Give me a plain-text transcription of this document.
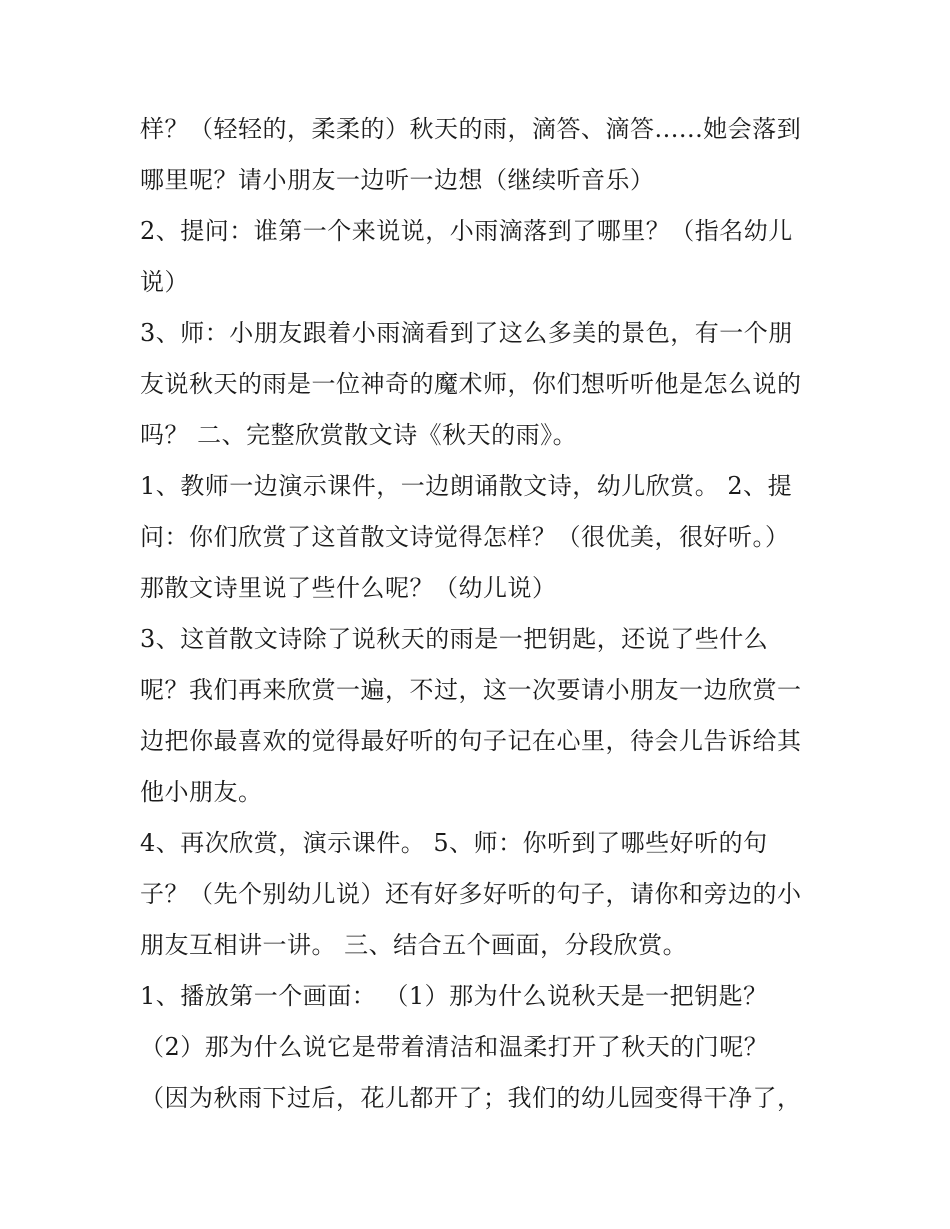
样？（轻轻的，柔柔的）秋天的雨，滴答、滴答......她会落到
哪里呢？请小朋友一边听一边想（继续听音乐）
2、提问：谁第一个来说说，小雨滴落到了哪里？（指名幼儿
说）
3、师：小朋友跟着小雨滴看到了这么多美的景色，有一个朋
友说秋天的雨是一位神奇的魔术师，你们想听听他是怎么说的
吗？ 二、完整欣赏散文诗《秋天的雨》。
1、教师一边演示课件，一边朗诵散文诗，幼儿欣赏。 2、提
问：你们欣赏了这首散文诗觉得怎样？（很优美，很好听。）
那散文诗里说了些什么呢？（幼儿说）
3、这首散文诗除了说秋天的雨是一把钥匙，还说了些什么
呢？我们再来欣赏一遍，不过，这一次要请小朋友一边欣赏一
边把你最喜欢的觉得最好听的句子记在心里，待会儿告诉给其
他小朋友。
4、再次欣赏，演示课件。 5、师：你听到了哪些好听的句
子？（先个别幼儿说）还有好多好听的句子，请你和旁边的小
朋友互相讲一讲。 三、结合五个画面，分段欣赏。
1、播放第一个画面： （1）那为什么说秋天是一把钥匙？
（2）那为什么说它是带着清洁和温柔打开了秋天的门呢？
（因为秋雨下过后，花儿都开了；我们的幼儿园变得干净了，
